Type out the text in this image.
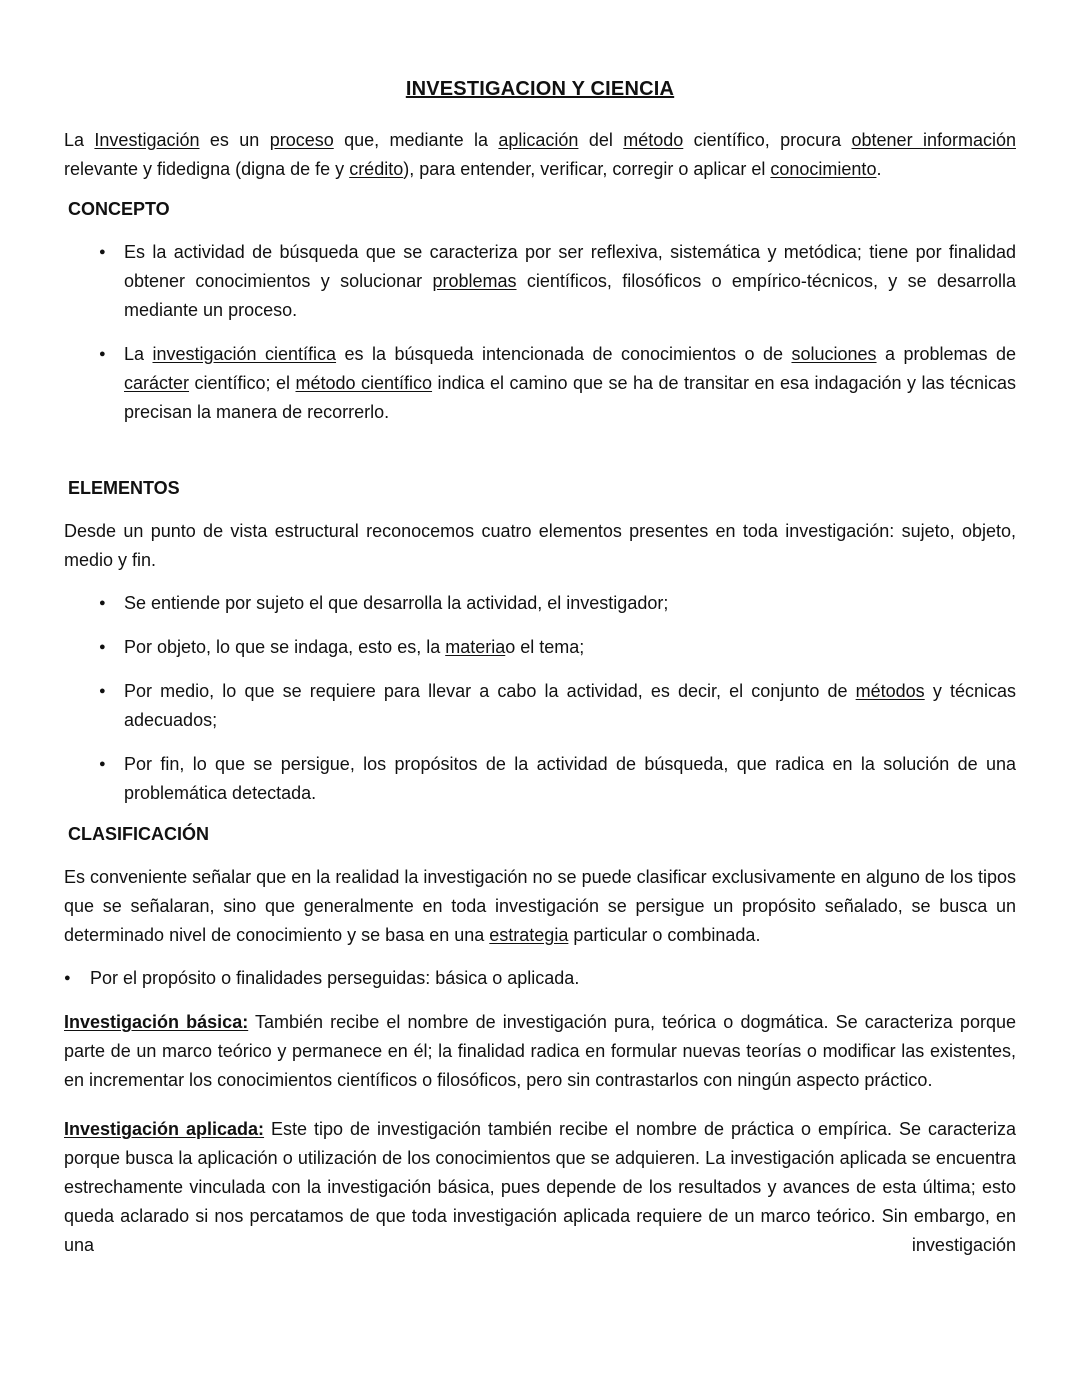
INVESTIGACION Y CIENCIA

La Investigación es un proceso que, mediante la aplicación del método científico, procura obtener información relevante y fidedigna (digna de fe y crédito), para entender, verificar, corregir o aplicar el conocimiento.

CONCEPTO
● Es la actividad de búsqueda que se caracteriza por ser reflexiva, sistemática y metódica; tiene por finalidad obtener conocimientos y solucionar problemas científicos, filosóficos o empírico-técnicos, y se desarrolla mediante un proceso.
● La investigación científica es la búsqueda intencionada de conocimientos o de soluciones a problemas de carácter científico; el método científico indica el camino que se ha de transitar en esa indagación y las técnicas precisan la manera de recorrerlo.
ELEMENTOS

Desde un punto de vista estructural reconocemos cuatro elementos presentes en toda investigación: sujeto, objeto, medio y fin.

● Se entiende por sujeto el que desarrolla la actividad, el investigador;
● Por objeto, lo que se indaga, esto es, la materiao el tema;
● Por medio, lo que se requiere para llevar a cabo la actividad, es decir, el conjunto de métodos y técnicas adecuados;
● Por fin, lo que se persigue, los propósitos de la actividad de búsqueda, que radica en la solución de una problemática detectada.
CLASIFICACIÓN

Es conveniente señalar que en la realidad la investigación no se puede clasificar exclusivamente en alguno de los tipos que se señalaran, sino que generalmente en toda investigación se persigue un propósito señalado, se busca un determinado nivel de conocimiento y se basa en una estrategia particular o combinada.

● Por el propósito o finalidades perseguidas: básica o aplicada.

Investigación básica: También recibe el nombre de investigación pura, teórica o dogmática. Se caracteriza porque parte de un marco teórico y permanece en él; la finalidad radica en formular nuevas teorías o modificar las existentes, en incrementar los conocimientos científicos o filosóficos, pero sin contrastarlos con ningún aspecto práctico.

Investigación aplicada: Este tipo de investigación también recibe el nombre de práctica o empírica. Se caracteriza porque busca la aplicación o utilización de los conocimientos que se adquieren. La investigación aplicada se encuentra estrechamente vinculada con la investigación básica, pues depende de los resultados y avances de esta última; esto queda aclarado si nos percatamos de que toda investigación aplicada requiere de un marco teórico. Sin embargo, en una investigación
